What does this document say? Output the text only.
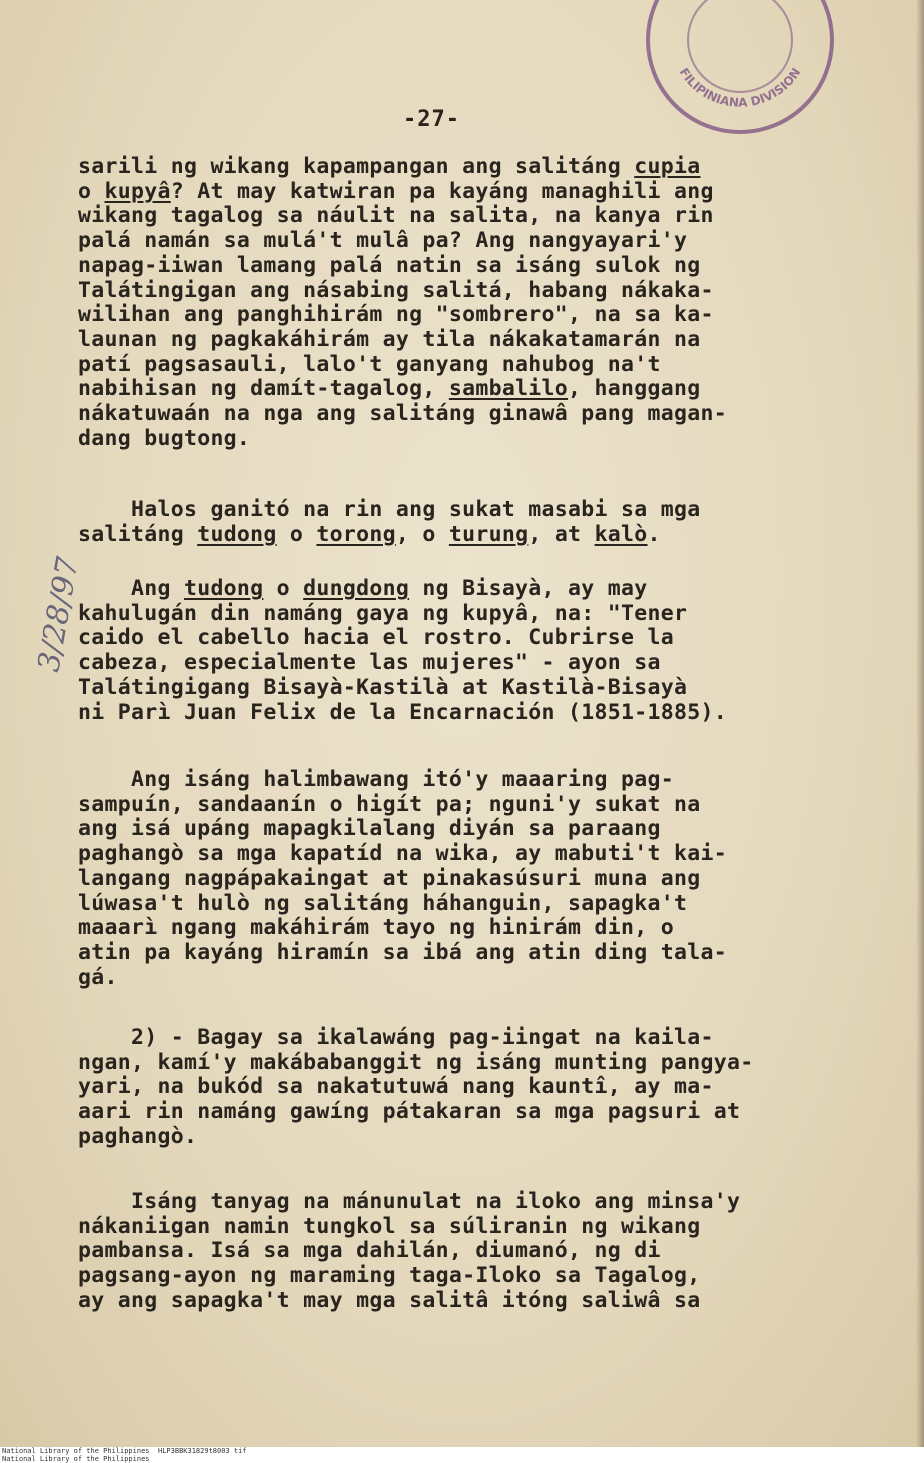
FILIPINIANA DIVISION
-27-
3/28/97
sarili ng wikang kapampangan ang salitáng cupia
o kupyâ? At may katwiran pa kayáng managhili ang
wikang tagalog sa náulit na salita, na kanya rin
palá namán sa mulá't mulâ pa? Ang nangyayari'y
napag-iiwan lamang palá natin sa isáng sulok ng
Talátingigan ang násabing salitá, habang nákaka-
wilihan ang panghihirám ng "sombrero", na sa ka-
launan ng pagkakáhirám ay tila nákakatamarán na
patí pagsasauli, lalo't ganyang nahubog na't
nabihisan ng damít-tagalog, sambalilo, hanggang
nákatuwaán na nga ang salitáng ginawâ pang magan-
dang bugtong.
Halos ganitó na rin ang sukat masabi sa mga
salitáng tudong o torong, o turung, at kalò.
Ang tudong o dungdong ng Bisayà, ay may
kahulugán din namáng gaya ng kupyâ, na: "Tener
caido el cabello hacia el rostro. Cubrirse la
cabeza, especialmente las mujeres" - ayon sa
Talátingigang Bisayà-Kastilà at Kastilà-Bisayà
ni Parì Juan Felix de la Encarnación (1851-1885).
Ang isáng halimbawang itó'y maaaring pag-
sampuín, sandaanín o higít pa; nguni'y sukat na
ang isá upáng mapagkilalang diyán sa paraang
paghangò sa mga kapatíd na wika, ay mabuti't kai-
langang nagpápakaingat at pinakasúsuri muna ang
lúwasa't hulò ng salitáng háhanguin, sapagka't
maaarì ngang makáhirám tayo ng hinirám din, o
atin pa kayáng hiramín sa ibá ang atin ding tala-
gá.
2) - Bagay sa ikalawáng pag-iingat na kaila-
ngan, kamí'y makábabanggit ng isáng munting pangya-
yari, na bukód sa nakatutuwá nang kauntî, ay ma-
aari rin namáng gawíng pátakaran sa mga pagsuri at
paghangò.
Isáng tanyag na mánunulat na iloko ang minsa'y
nákaniigan namin tungkol sa súliranin ng wikang
pambansa. Isá sa mga dahilán, diumanó, ng di
pagsang-ayon ng maraming taga-Iloko sa Tagalog,
ay ang sapagka't may mga salitâ itóng saliwâ sa
National Library of the Philippines
National Library of the Philippines
HLP3BBK31829t8003 tif
